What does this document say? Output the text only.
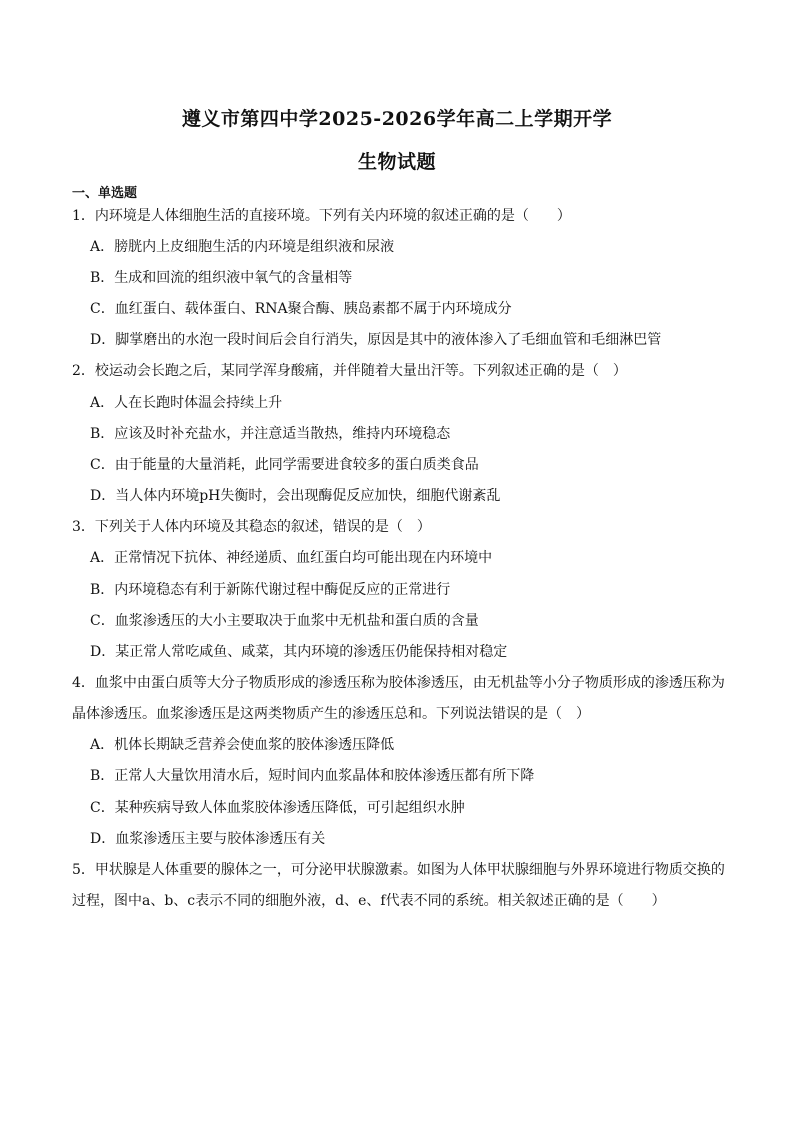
遵义市第四中学2025-2026学年高二上学期开学
生物试题
一、单选题
1．内环境是人体细胞生活的直接环境。下列有关内环境的叙述正确的是（　　）
A．膀胱内上皮细胞生活的内环境是组织液和尿液
B．生成和回流的组织液中氧气的含量相等
C．血红蛋白、载体蛋白、RNA聚合酶、胰岛素都不属于内环境成分
D．脚掌磨出的水泡一段时间后会自行消失，原因是其中的液体渗入了毛细血管和毛细淋巴管
2．校运动会长跑之后，某同学浑身酸痛，并伴随着大量出汗等。下列叙述正确的是（　）
A．人在长跑时体温会持续上升
B．应该及时补充盐水，并注意适当散热，维持内环境稳态
C．由于能量的大量消耗，此同学需要进食较多的蛋白质类食品
D．当人体内环境pH失衡时，会出现酶促反应加快，细胞代谢紊乱
3．下列关于人体内环境及其稳态的叙述，错误的是（　）
A．正常情况下抗体、神经递质、血红蛋白均可能出现在内环境中
B．内环境稳态有利于新陈代谢过程中酶促反应的正常进行
C．血浆渗透压的大小主要取决于血浆中无机盐和蛋白质的含量
D．某正常人常吃咸鱼、咸菜，其内环境的渗透压仍能保持相对稳定
4．血浆中由蛋白质等大分子物质形成的渗透压称为胶体渗透压，由无机盐等小分子物质形成的渗透压称为
晶体渗透压。血浆渗透压是这两类物质产生的渗透压总和。下列说法错误的是（　）
A．机体长期缺乏营养会使血浆的胶体渗透压降低
B．正常人大量饮用清水后，短时间内血浆晶体和胶体渗透压都有所下降
C．某种疾病导致人体血浆胶体渗透压降低，可引起组织水肿
D．血浆渗透压主要与胶体渗透压有关
5．甲状腺是人体重要的腺体之一，可分泌甲状腺激素。如图为人体甲状腺细胞与外界环境进行物质交换的
过程，图中a、b、c表示不同的细胞外液，d、e、f代表不同的系统。相关叙述正确的是（　　）
